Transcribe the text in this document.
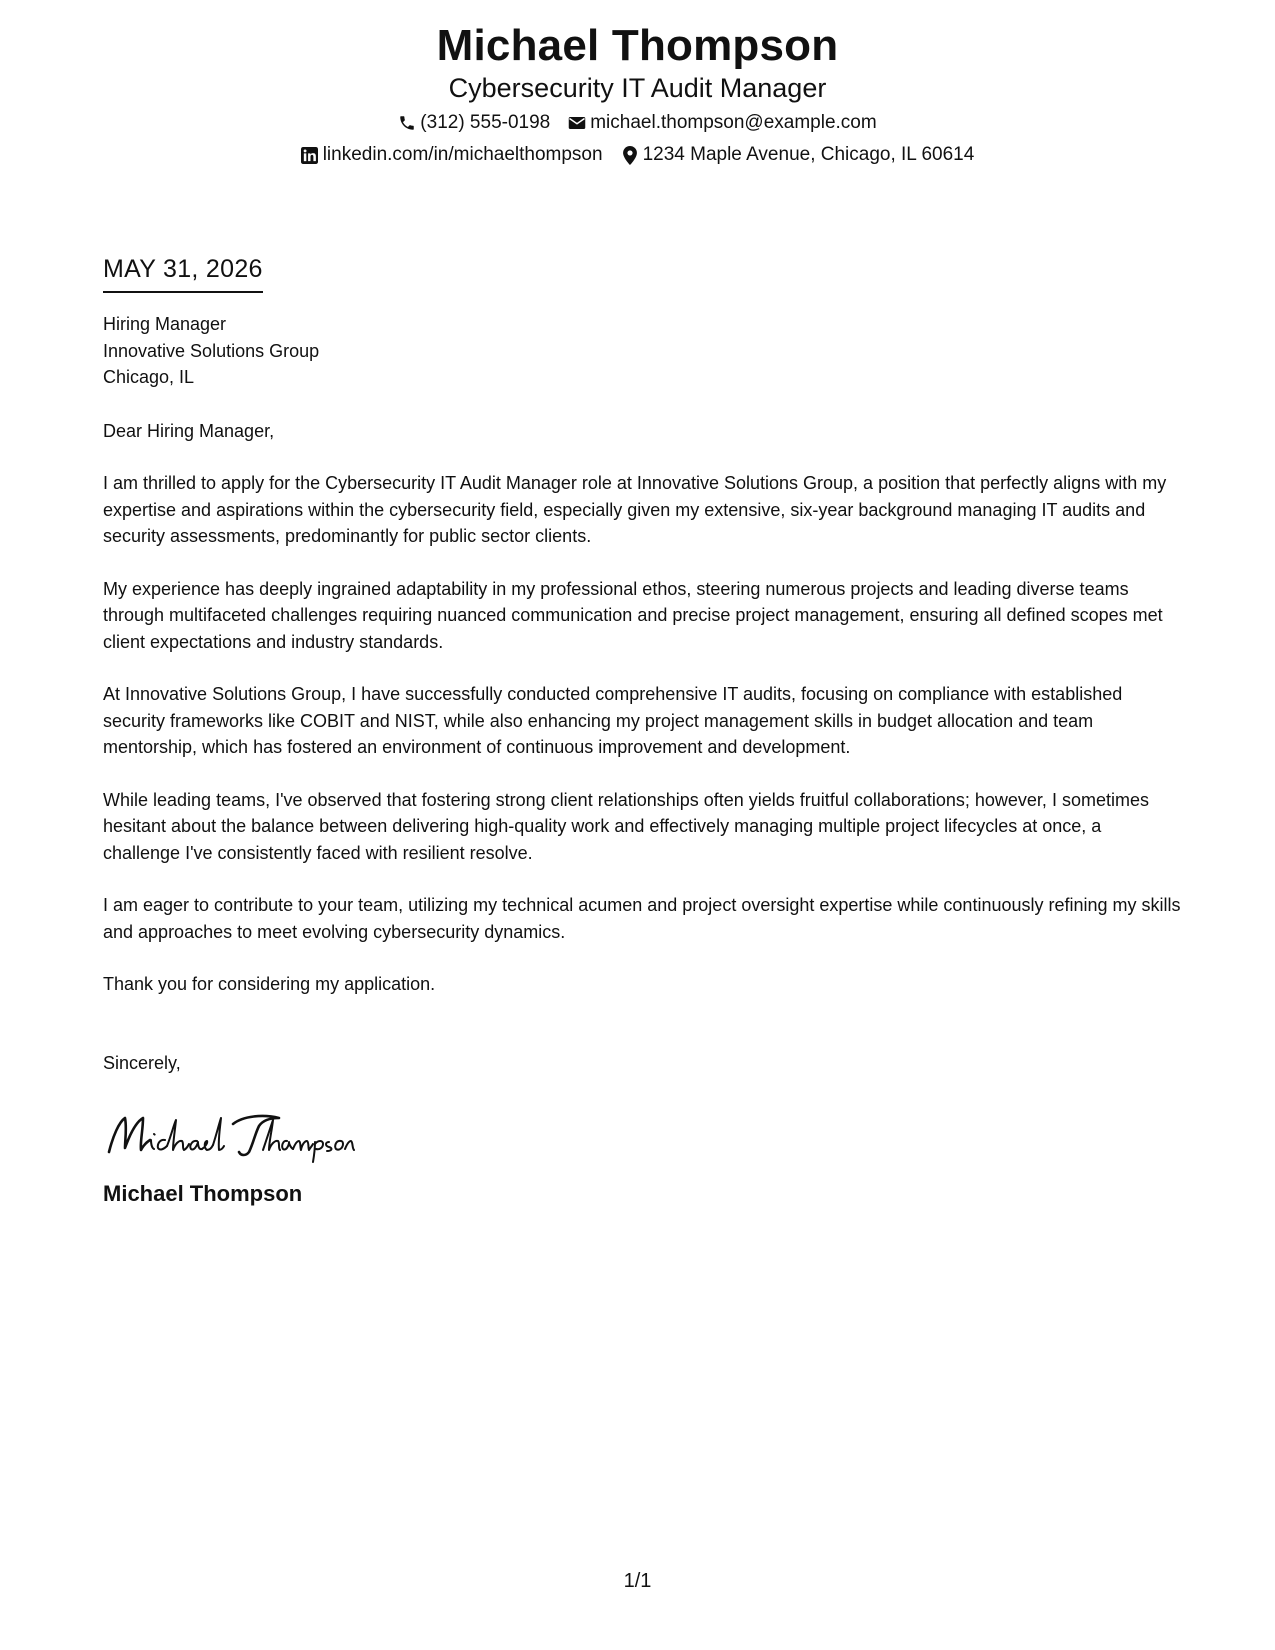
Michael Thompson
Cybersecurity IT Audit Manager
(312) 555-0198 michael.thompson@example.com
linkedin.com/in/michaelthompson 1234 Maple Avenue, Chicago, IL 60614
MAY 31, 2026
Hiring Manager
Innovative Solutions Group
Chicago, IL
Dear Hiring Manager,
I am thrilled to apply for the Cybersecurity IT Audit Manager role at Innovative Solutions Group, a position that perfectly aligns with my expertise and aspirations within the cybersecurity field, especially given my extensive, six-year background managing IT audits and security assessments, predominantly for public sector clients.
My experience has deeply ingrained adaptability in my professional ethos, steering numerous projects and leading diverse teams through multifaceted challenges requiring nuanced communication and precise project management, ensuring all defined scopes met client expectations and industry standards.
At Innovative Solutions Group, I have successfully conducted comprehensive IT audits, focusing on compliance with established security frameworks like COBIT and NIST, while also enhancing my project management skills in budget allocation and team mentorship, which has fostered an environment of continuous improvement and development.
While leading teams, I've observed that fostering strong client relationships often yields fruitful collaborations; however, I sometimes hesitant about the balance between delivering high-quality work and effectively managing multiple project lifecycles at once, a challenge I've consistently faced with resilient resolve.
I am eager to contribute to your team, utilizing my technical acumen and project oversight expertise while continuously refining my skills and approaches to meet evolving cybersecurity dynamics.
Thank you for considering my application.
Sincerely,
Michael Thompson
1/1
